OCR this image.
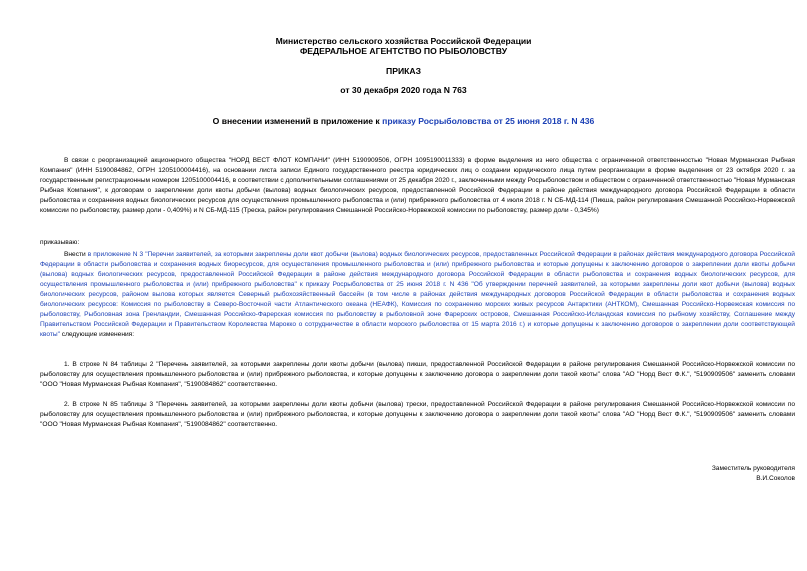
Министерство сельского хозяйства Российской Федерации
ФЕДЕРАЛЬНОЕ АГЕНТСТВО ПО РЫБОЛОВСТВУ
ПРИКАЗ
от 30 декабря 2020 года N 763
О внесении изменений в приложение к приказу Росрыболовства от 25 июня 2018 г. N 436
В связи с реорганизацией акционерного общества "НОРД ВЕСТ ФЛОТ КОМПАНИ" (ИНН 5190909506, ОГРН 1095190011333) в форме выделения из него общества с ограниченной ответственностью "Новая Мурманская Рыбная Компания" (ИНН 5190084862, ОГРН 1205100004416), на основании листа записи Единого государственного реестра юридических лиц о создании юридического лица путем реорганизации в форме выделения от 23 октября 2020 г. за государственным регистрационным номером 1205100004416, в соответствии с дополнительными соглашениями от 25 декабря 2020 г., заключенными между Росрыболовством и обществом с ограниченной ответственностью "Новая Мурманская Рыбная Компания", к договорам о закреплении доли квоты добычи (вылова) водных биологических ресурсов, предоставленной Российской Федерации в районе действия международного договора Российской Федерации в области рыболовства и сохранения водных биологических ресурсов для осуществления промышленного рыболовства и (или) прибрежного рыболовства от 4 июля 2018 г. N СБ-МД-114 (Пикша, район регулирования Смешанной Российско-Норвежской комиссии по рыболовству, размер доли - 0,409%) и N СБ-МД-115 (Треска, район регулирования Смешанной Российско-Норвежской комиссии по рыболовству, размер доли - 0,345%)
приказываю:
Внести в приложение N 3 "Перечни заявителей, за которыми закреплены доли квот добычи (вылова) водных биологических ресурсов, предоставленных Российской Федерации в районах действия международного договора Российской Федерации в области рыболовства и сохранения водных биоресурсов, для осуществления промышленного рыболовства и (или) прибрежного рыболовства и которые допущены к заключению договоров о закреплении доли квоты добычи (вылова) водных биологических ресурсов, предоставленной Российской Федерации в районе действия международного договора Российской Федерации в области рыболовства и сохранения водных биологических ресурсов, для осуществления промышленного рыболовства и (или) прибрежного рыболовства" к приказу Росрыболовства от 25 июня 2018 г. N 436 "Об утверждении перечней заявителей, за которыми закреплены доли квот добычи (вылова) водных биологических ресурсов, районом вылова которых является Северный рыбохозяйственный бассейн (в том числе в районах действия международных договоров Российской Федерации в области рыболовства и сохранения водных биологических ресурсов: Комиссия по рыболовству в Северо-Восточной части Атлантического океана (НЕАФК), Комиссия по сохранению морских живых ресурсов Антарктики (АНТКОМ), Смешанная Российско-Норвежская комиссия по рыболовству, Рыболовная зона Гренландии, Смешанная Российско-Фарерская комиссия по рыболовству в рыболовной зоне Фарерских островов, Смешанная Российско-Исландская комиссия по рыбному хозяйству, Соглашение между Правительством Российской Федерации и Правительством Королевства Марокко о сотрудничестве в области морского рыболовства от 15 марта 2016 г.) и которые допущены к заключению договоров о закреплении доли соответствующей квоты" следующие изменения:
1. В строке N 84 таблицы 2 "Перечень заявителей, за которыми закреплены доли квоты добычи (вылова) пикши, предоставленной Российской Федерации в районе регулирования Смешанной Российско-Норвежской комиссии по рыболовству для осуществления промышленного рыболовства и (или) прибрежного рыболовства, и которые допущены к заключению договора о закреплении доли такой квоты" слова "АО "Норд Вест Ф.К.", "5190909506" заменить словами "ООО "Новая Мурманская Рыбная Компания", "5190084862" соответственно.
2. В строке N 85 таблицы 3 "Перечень заявителей, за которыми закреплены доли квоты добычи (вылова) трески, предоставленной Российской Федерации в районе регулирования Смешанной Российско-Норвежской комиссии по рыболовству для осуществления промышленного рыболовства и (или) прибрежного рыболовства, и которые допущены к заключению договора о закреплении доли такой квоты" слова "АО "Норд Вест Ф.К.", "5190909506" заменить словами "ООО "Новая Мурманская Рыбная Компания", "5190084862" соответственно.
Заместитель руководителя
В.И.Соколов
